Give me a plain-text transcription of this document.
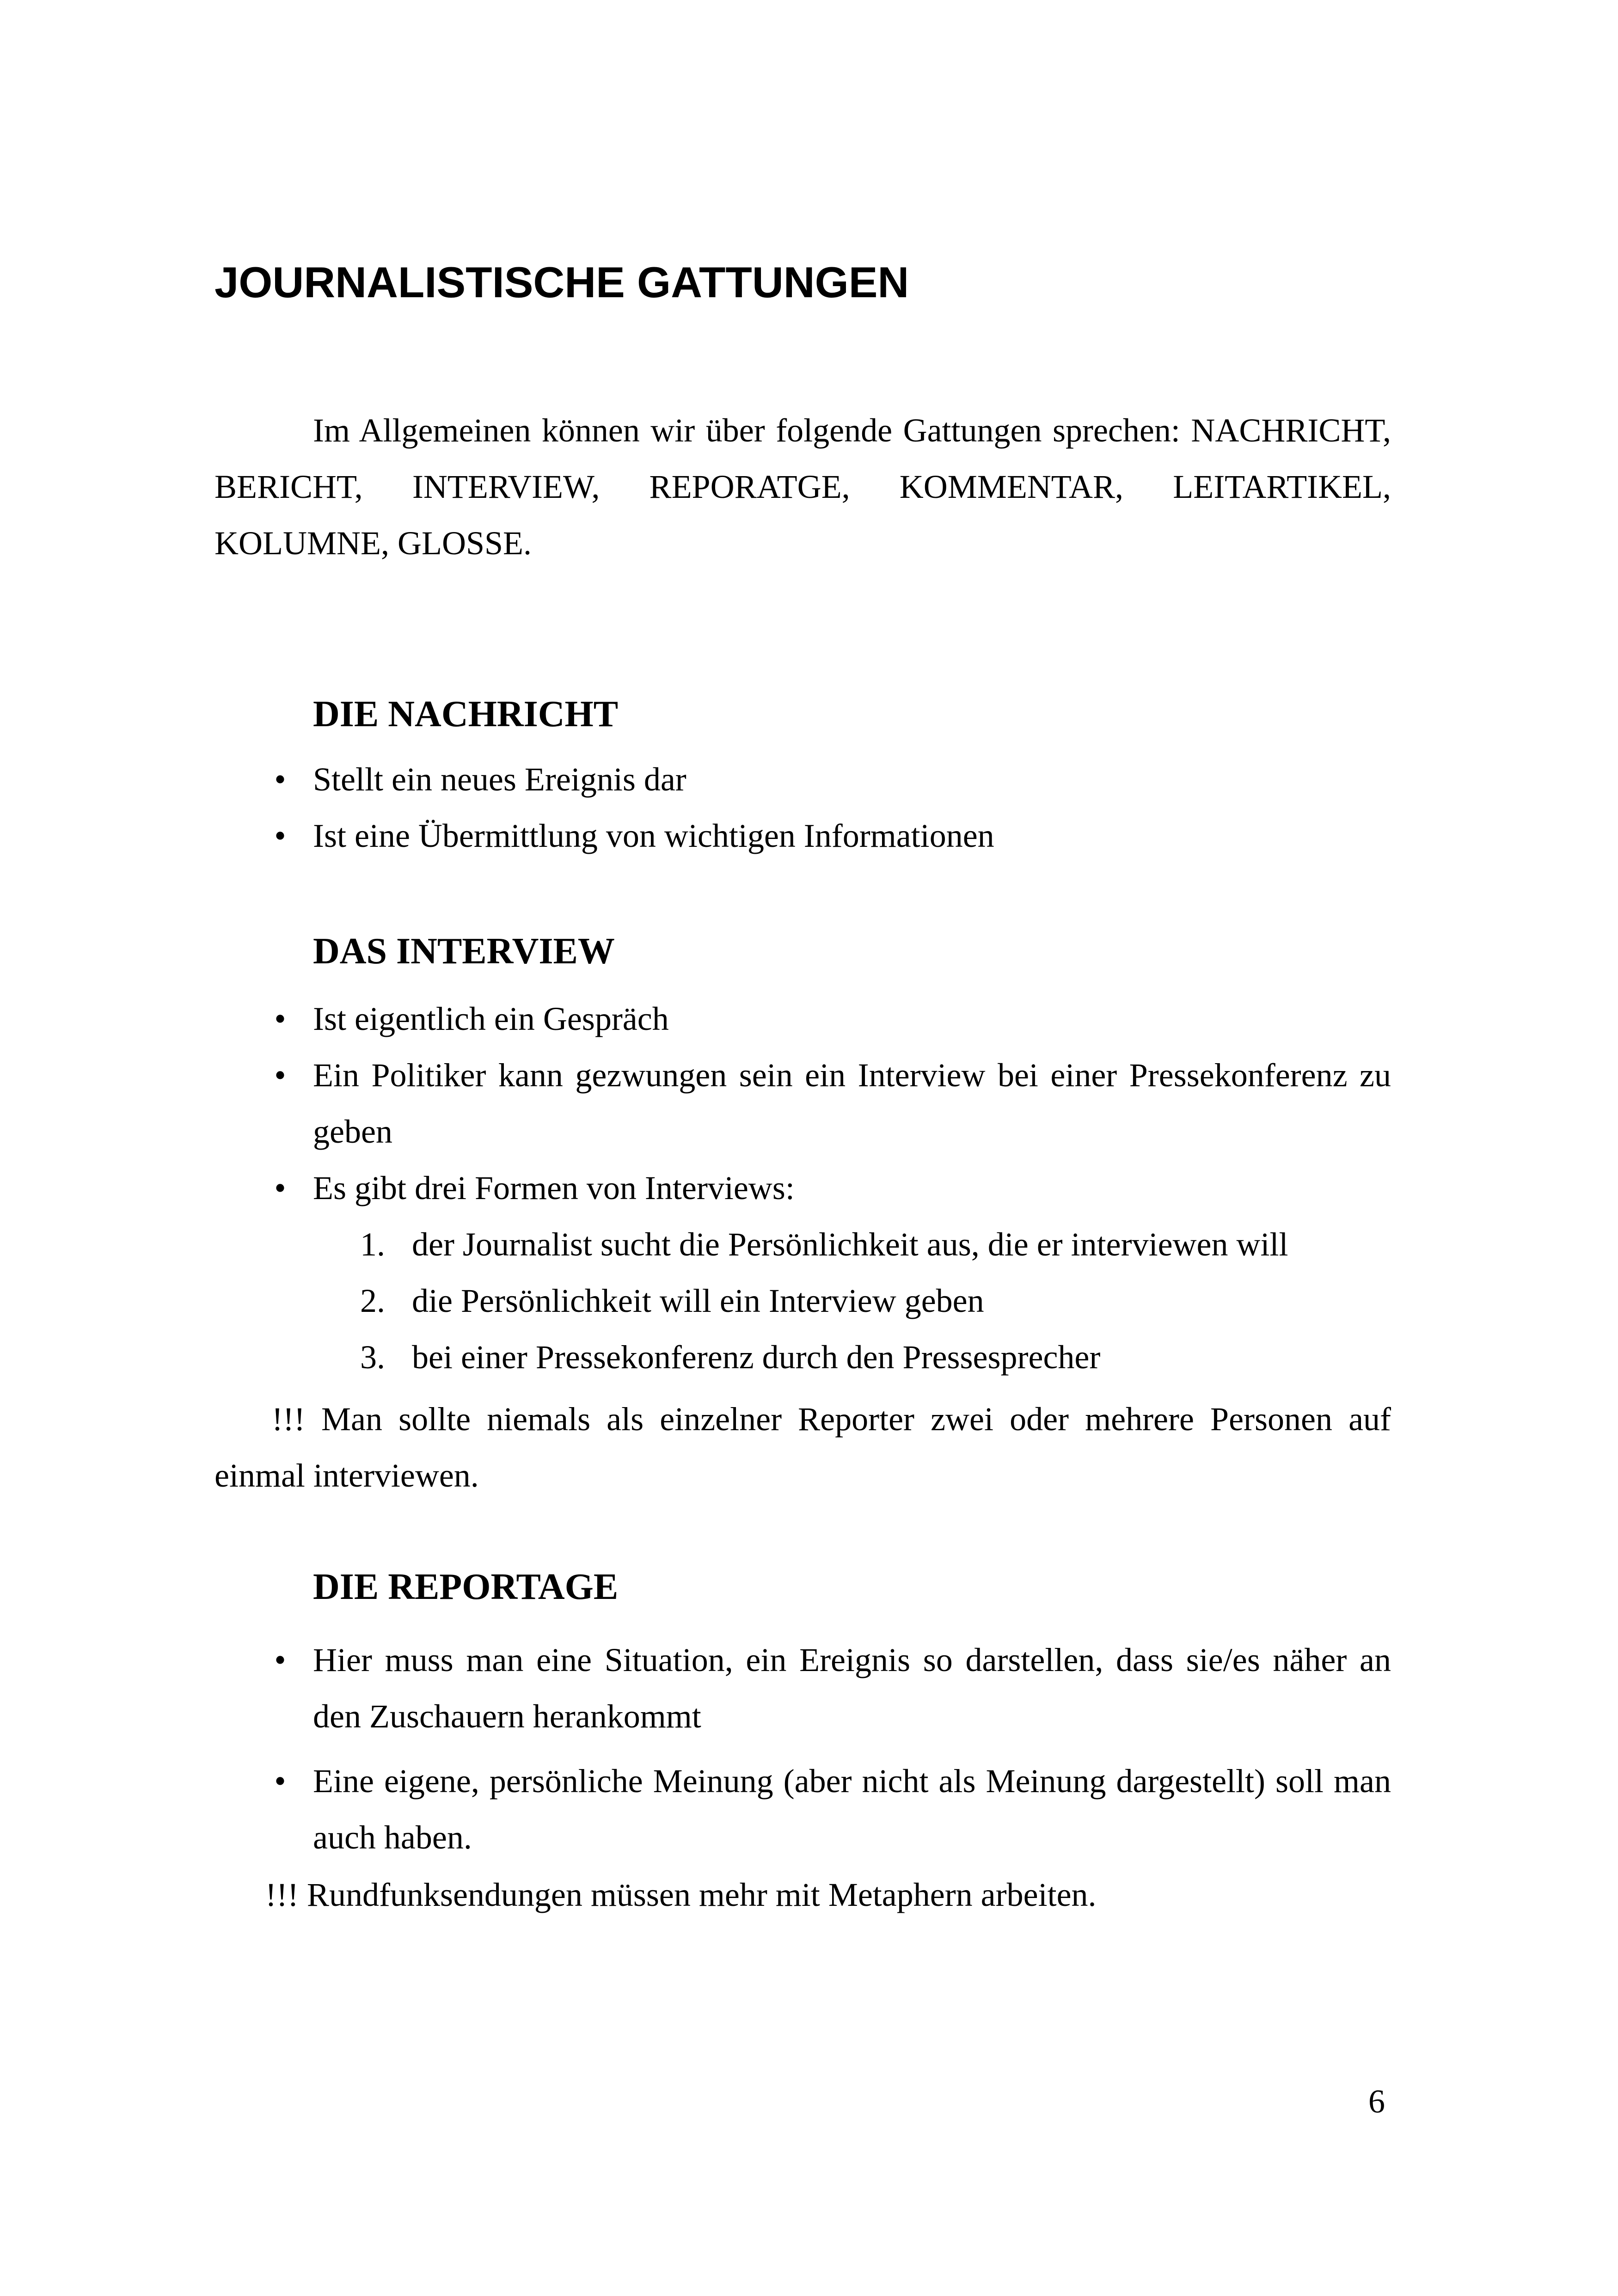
JOURNALISTISCHE GATTUNGEN

Im Allgemeinen können wir über folgende Gattungen sprechen: NACHRICHT, BERICHT, INTERVIEW, REPORATGE, KOMMENTAR, LEITARTIKEL, KOLUMNE, GLOSSE.

DIE NACHRICHT
• Stellt ein neues Ereignis dar
• Ist eine Übermittlung von wichtigen Informationen
DAS INTERVIEW
• Ist eigentlich ein Gespräch
• Ein Politiker kann gezwungen sein ein Interview bei einer Pressekonferenz zu geben
• Es gibt drei Formen von Interviews:
1. der Journalist sucht die Persönlichkeit aus, die er interviewen will
2. die Persönlichkeit will ein Interview geben
3. bei einer Pressekonferenz durch den Pressesprecher

!!! Man sollte niemals als einzelner Reporter zwei oder mehrere Personen auf einmal interviewen.

DIE REPORTAGE
• Hier muss man eine Situation, ein Ereignis so darstellen, dass sie/es näher an den Zuschauern herankommt
• Eine eigene, persönliche Meinung (aber nicht als Meinung dargestellt) soll man auch haben.

!!! Rundfunksendungen müssen mehr mit Metaphern arbeiten.

6
